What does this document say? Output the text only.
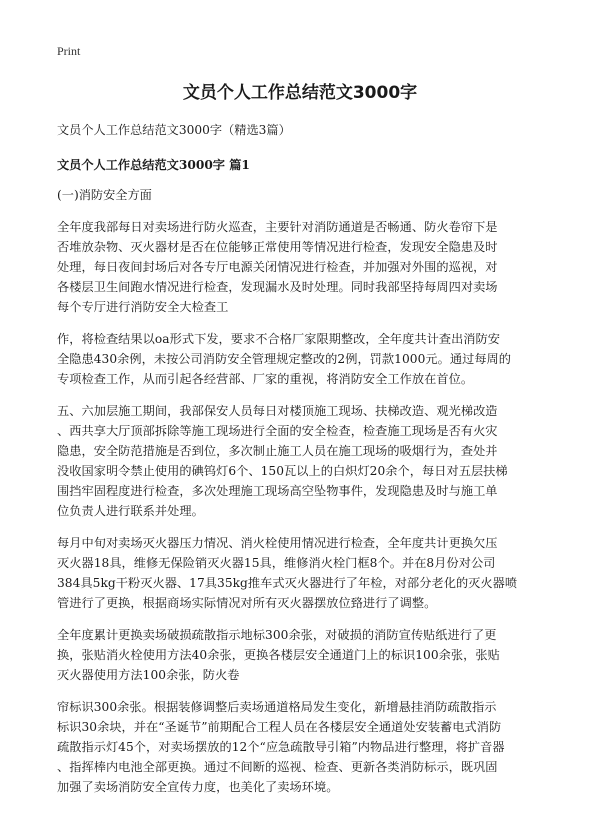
Print
文员个人工作总结范文3000字

文员个人工作总结范文3000字（精选3篇）

文员个人工作总结范文3000字 篇1

(一)消防安全方面

全年度我部每日对卖场进行防火巡查，主要针对消防通道是否畅通、防火卷帘下是

否堆放杂物、灭火器材是否在位能够正常使用等情况进行检查，发现安全隐患及时

处理，每日夜间封场后对各专厅电源关闭情况进行检查，并加强对外围的巡视，对

各楼层卫生间跑水情况进行检查，发现漏水及时处理。同时我部坚持每周四对卖场

每个专厅进行消防安全大检查工

作，将检查结果以oa形式下发，要求不合格厂家限期整改，全年度共计查出消防安

全隐患430余例，未按公司消防安全管理规定整改的2例，罚款1000元。通过每周的

专项检查工作，从而引起各经营部、厂家的重视，将消防安全工作放在首位。

五、六加层施工期间，我部保安人员每日对楼顶施工现场、扶梯改造、观光梯改造

、西共享大厅顶部拆除等施工现场进行全面的安全检查，检查施工现场是否有火灾

隐患，安全防范措施是否到位，多次制止施工人员在施工现场的吸烟行为，查处并

没收国家明令禁止使用的碘钨灯6个、150瓦以上的白炽灯20余个，每日对五层扶梯

围挡牢固程度进行检查，多次处理施工现场高空坠物事件，发现隐患及时与施工单

位负责人进行联系并处理。

每月中旬对卖场灭火器压力情况、消火栓使用情况进行检查，全年度共计更换欠压

灭火器18具，维修无保险销灭火器15具，维修消火栓门框8个。并在8月份对公司

384具5kg干粉灭火器、17具35kg推车式灭火器进行了年检，对部分老化的灭火器喷

管进行了更换，根据商场实际情况对所有灭火器摆放位臵进行了调整。

全年度累计更换卖场破损疏散指示地标300余张，对破损的消防宣传贴纸进行了更

换，张贴消火栓使用方法40余张，更换各楼层安全通道门上的标识100余张，张贴

灭火器使用方法100余张，防火卷

帘标识300余张。根据装修调整后卖场通道格局发生变化，新增悬挂消防疏散指示

标识30余块，并在“圣诞节”前期配合工程人员在各楼层安全通道处安装蓄电式消防

疏散指示灯45个，对卖场摆放的12个“应急疏散导引箱”内物品进行整理，将扩音器

、指挥棒内电池全部更换。通过不间断的巡视、检查、更新各类消防标示，既巩固

加强了卖场消防安全宣传力度，也美化了卖场环境。
